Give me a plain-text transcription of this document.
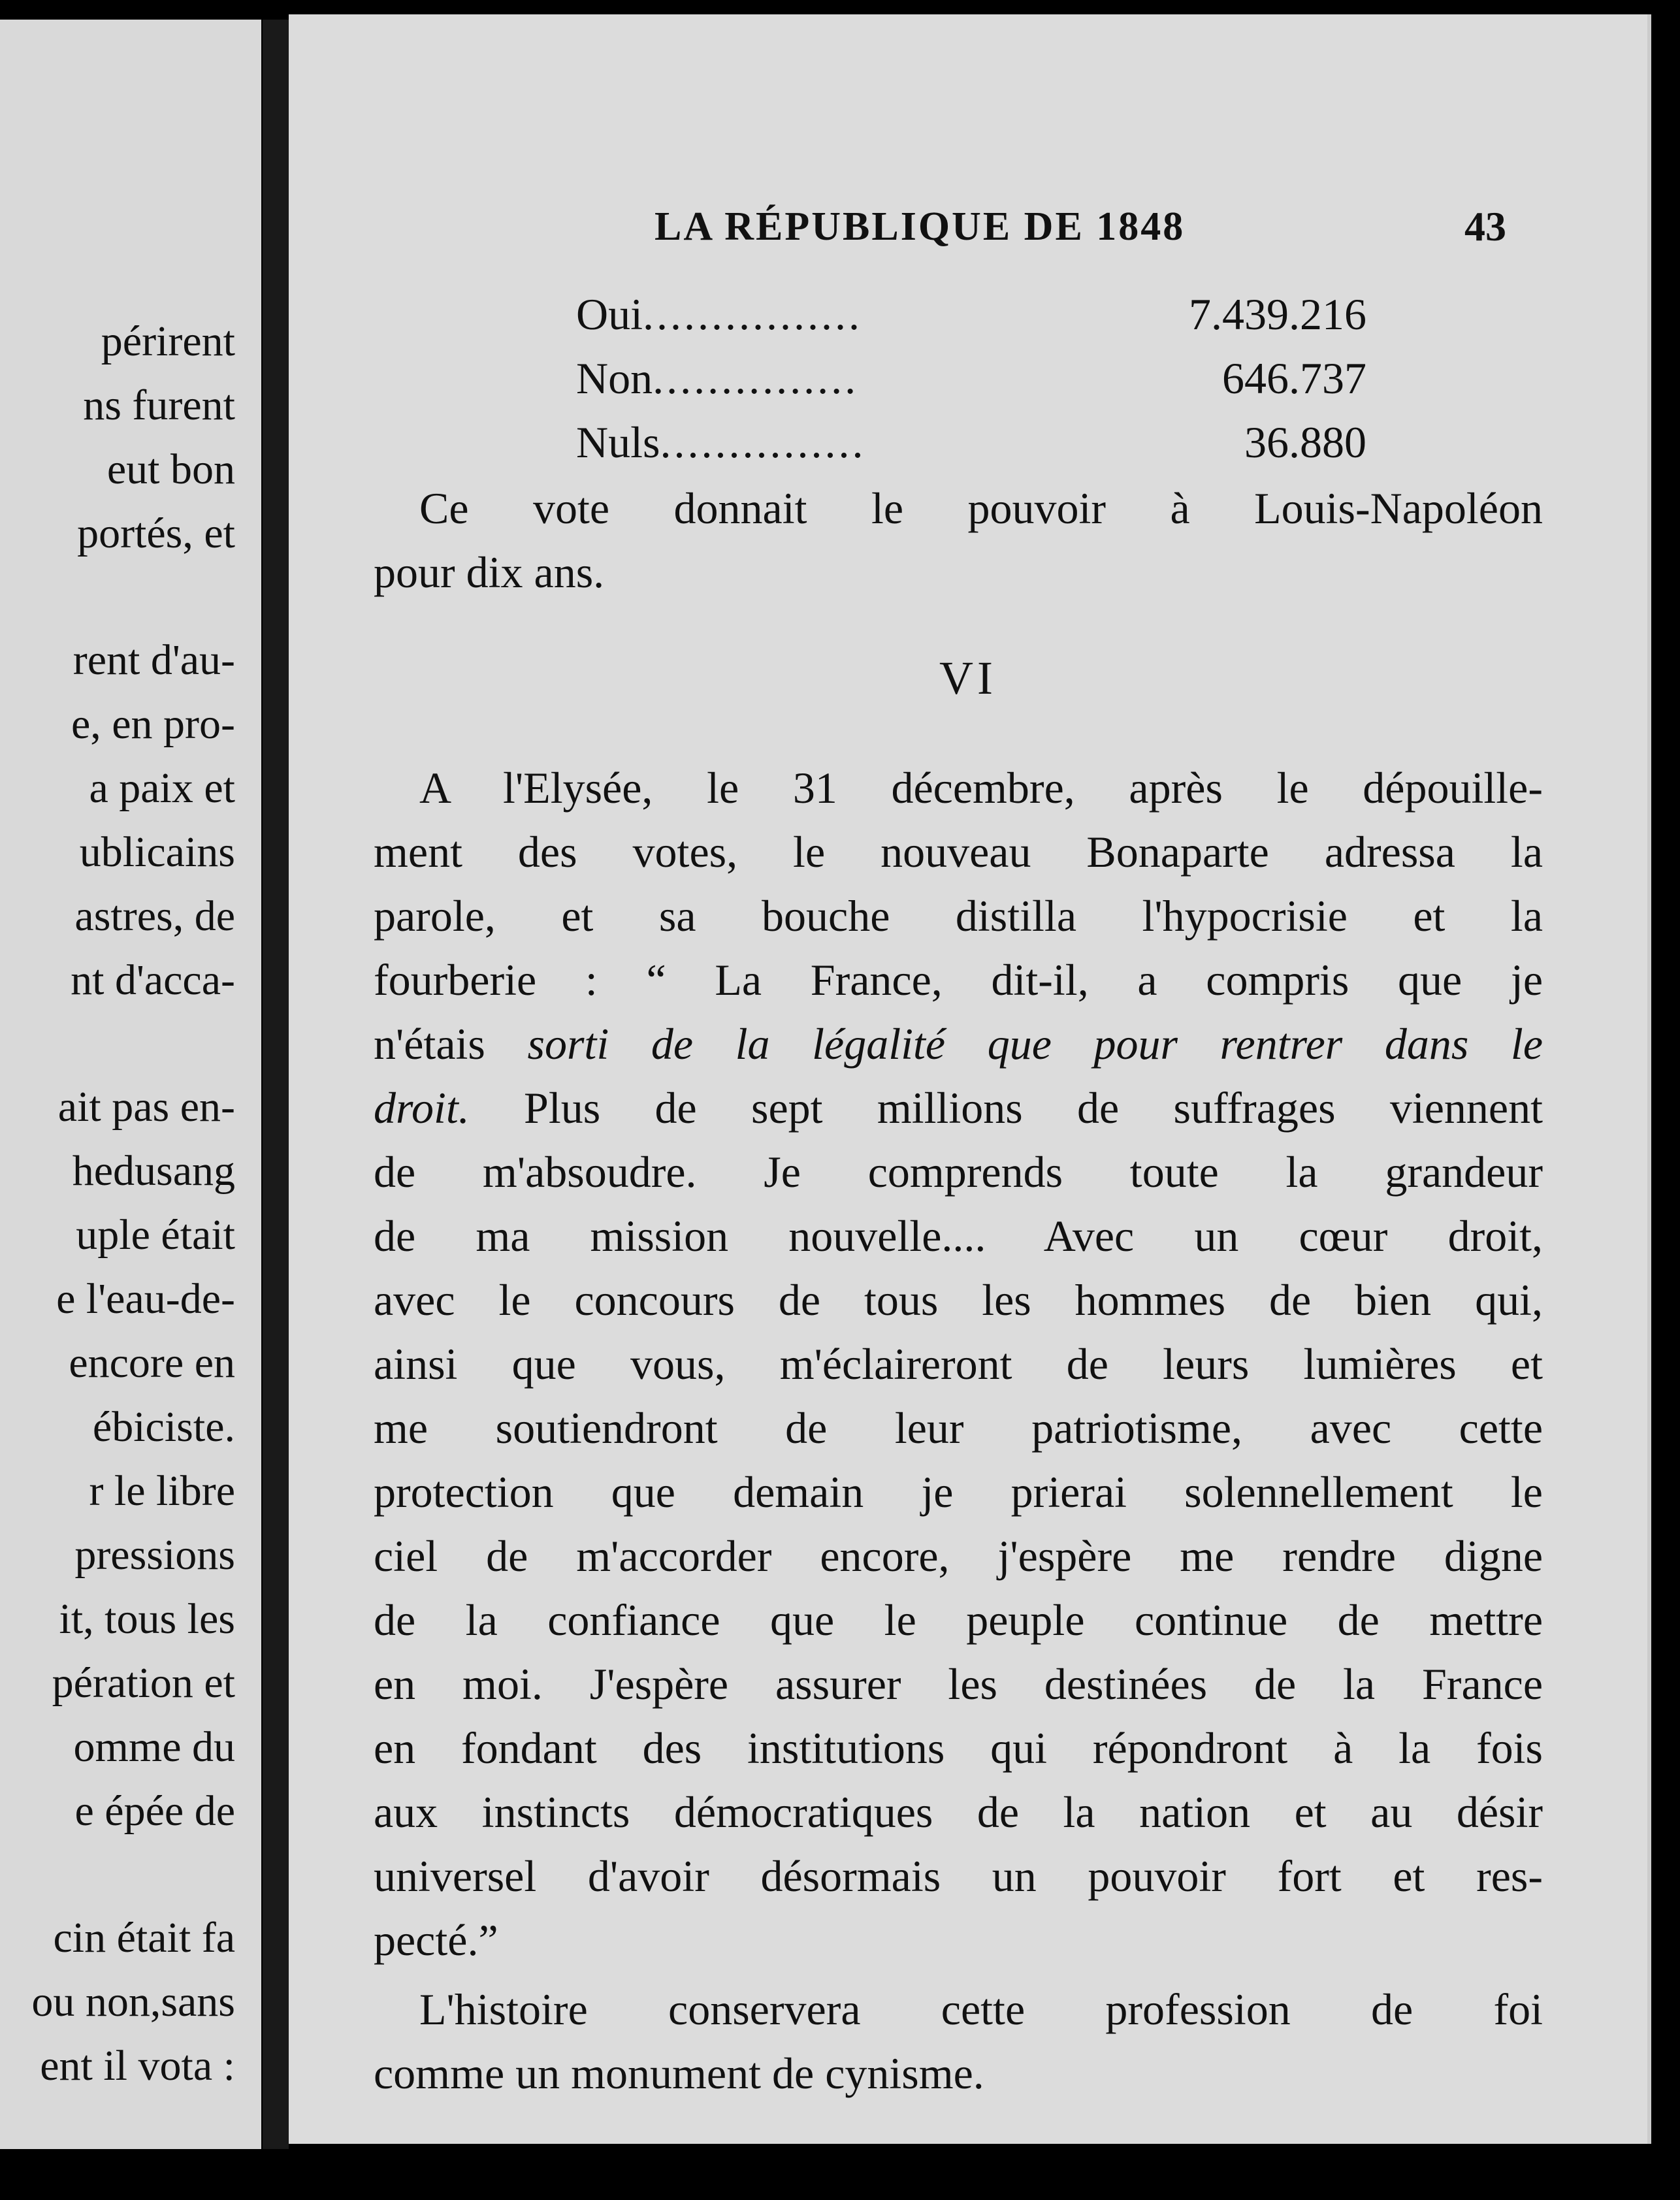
périrent
ns furent
eut bon
portés, et
rent d'au-
e, en pro-
a paix et
ublicains
astres, de
nt d'acca-
ait pas en-
hedusang
uple était
e l'eau-de-
encore en
ébiciste.
r le libre
pressions
it, tous les
pération et
omme du
e épée de
cin était fa
ou non,sans
ent il vota :
LA RÉPUBLIQUE DE 1848	43
Oui................	7.439.216
Non...............	646.737
Nuls...............	36.880
Ce vote donnait le pouvoir à Louis-Napoléon
pour dix ans.
VI
A l'Elysée, le 31 décembre, après le dépouille-
ment des votes, le nouveau Bonaparte adressa la
parole, et sa bouche distilla l'hypocrisie et la
fourberie : “ La France, dit-il, a compris que je
n'étais sorti de la légalité que pour rentrer dans le
droit. Plus de sept millions de suffrages viennent
de m'absoudre. Je comprends toute la grandeur
de ma mission nouvelle.... Avec un cœur droit,
avec le concours de tous les hommes de bien qui,
ainsi que vous, m'éclaireront de leurs lumières et
me soutiendront de leur patriotisme, avec cette
protection que demain je prierai solennellement le
ciel de m'accorder encore, j'espère me rendre digne
de la confiance que le peuple continue de mettre
en moi. J'espère assurer les destinées de la France
en fondant des institutions qui répondront à la fois
aux instincts démocratiques de la nation et au désir
universel d'avoir désormais un pouvoir fort et res-
pecté.”
L'histoire conservera cette profession de foi
comme un monument de cynisme.
